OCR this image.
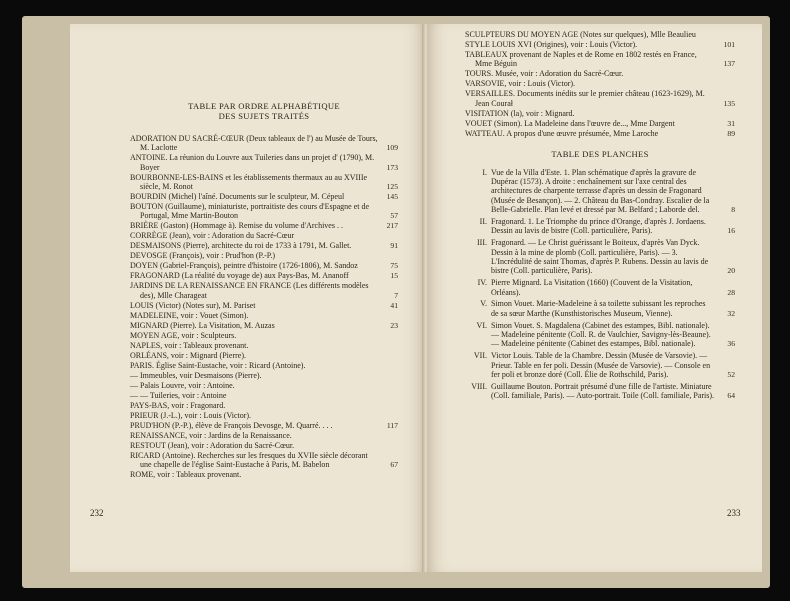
TABLE PAR ORDRE ALPHABÉTIQUE
DES SUJETS TRAITÉS
ADORATION DU SACRÉ-CŒUR (Deux tableaux de l') au Musée de Tours, M. Laclotte	109
ANTOINE. La réunion du Louvre aux Tuileries dans un projet d' (1790), M. Boyer	173
BOURBONNE-LES-BAINS et les établissements thermaux au au XVIIIe siècle, M. Ronot	125
BOURDIN (Michel) l'aîné. Documents sur le sculpteur, M. Cépeul	145
BOUTON (Guillaume), miniaturiste, portraitiste des cours d'Espagne et de Portugal, Mme Martin-Bouton	57
BRIÈRE (Gaston) (Hommage à). Remise du volume d'Archives . .	217
CORRÈGE (Jean), voir : Adoration du Sacré-Cœur
DESMAISONS (Pierre), architecte du roi de 1733 à 1791, M. Gallet.	91
DEVOSGE (François), voir : Prud'hon (P.-P.)
DOYEN (Gabriel-François), peintre d'histoire (1726-1806), M. Sandoz	75
FRAGONARD (La réalité du voyage de) aux Pays-Bas, M. Ananoff	15
JARDINS DE LA RENAISSANCE EN FRANCE (Les différents modèles des), Mlle Charageat	7
LOUIS (Victor) (Notes sur), M. Pariset	41
MADELEINE, voir : Vouet (Simon).
MIGNARD (Pierre). La Visitation, M. Auzas	23
MOYEN AGE, voir : Sculpteurs.
NAPLES, voir : Tableaux provenant.
ORLÉANS, voir : Mignard (Pierre).
PARIS. Église Saint-Eustache, voir : Ricard (Antoine).
— Immeubles, voir Desmaisons (Pierre).
— Palais Louvre, voir : Antoine.
— — Tuileries, voir : Antoine
PAYS-BAS, voir : Fragonard.
PRIEUR (J.-L.), voir : Louis (Victor).
PRUD'HON (P.-P.), élève de François Devosge, M. Quarré. . . .	117
RENAISSANCE, voir : Jardins de la Renaissance.
RESTOUT (Jean), voir : Adoration du Sacré-Cœur.
RICARD (Antoine). Recherches sur les fresques du XVIIe siècle décorant une chapelle de l'église Saint-Eustache à Paris, M. Babelon	67
ROME, voir : Tableaux provenant.
232
SCULPTEURS DU MOYEN AGE (Notes sur quelques), Mlle Beaulieu
STYLE LOUIS XVI (Origines), voir : Louis (Victor).	101
TABLEAUX provenant de Naples et de Rome en 1802 restés en France, Mme Béguin	137
TOURS. Musée, voir : Adoration du Sacré-Cœur.
VARSOVIE, voir : Louis (Victor).
VERSAILLES. Documents inédits sur le premier château (1623-1629), M. Jean Courał	135
VISITATION (la), voir : Mignard.
VOUET (Simon). La Madeleine dans l'œuvre de..., Mme Dargent	31
WATTEAU. A propos d'une œuvre présumée, Mme Laroche	89
TABLE DES PLANCHES
I. Vue de la Villa d'Este. 1. Plan schématique d'après la gravure de Dupérac (1573). A droite : enchaînement sur l'axe central des architectures de charpente terrasse d'après un dessin de Fragonard (Musée de Besançon). — 2. Château du Bas-Condray. Escalier de la Belle-Gabrielle. Plan levé et dressé par M. Belfard ; Laborde del.	8
II. Fragonard. 1. Le Triomphe du prince d'Orange, d'après J. Jordaens. Dessin au lavis de bistre (Coll. particulière, Paris).	16
III. Fragonard. — Le Christ guérissant le Boiteux, d'après Van Dyck. Dessin à la mine de plomb (Coll. particulière, Paris). — 3. L'Incrédulité de saint Thomas, d'après P. Rubens. Dessin au lavis de bistre (Coll. particulière, Paris).	20
IV. Pierre Mignard. La Visitation (1660) (Couvent de la Visitation, Orléans).	28
V. Simon Vouet. Marie-Madeleine à sa toilette subissant les reproches de sa sœur Marthe (Kunsthistorisches Museum, Vienne).	32
VI. Simon Vouet. S. Magdalena (Cabinet des estampes, Bibl. nationale). — Madeleine pénitente (Coll. R. de Vaulchier, Savigny-lès-Beaune). — Madeleine pénitente (Cabinet des estampes, Bibl. nationale).	36
VII. Victor Louis. Table de la Chambre. Dessin (Musée de Varsovie). — Prieur. Table en fer poli. Dessin (Musée de Varsovie). — Console en fer poli et bronze doré (Coll. Élie de Rothschild, Paris).	52
VIII. Guillaume Bouton. Portrait présumé d'une fille de l'artiste. Miniature (Coll. familiale, Paris). — Auto-portrait. Toile (Coll. familiale, Paris).	64
233
